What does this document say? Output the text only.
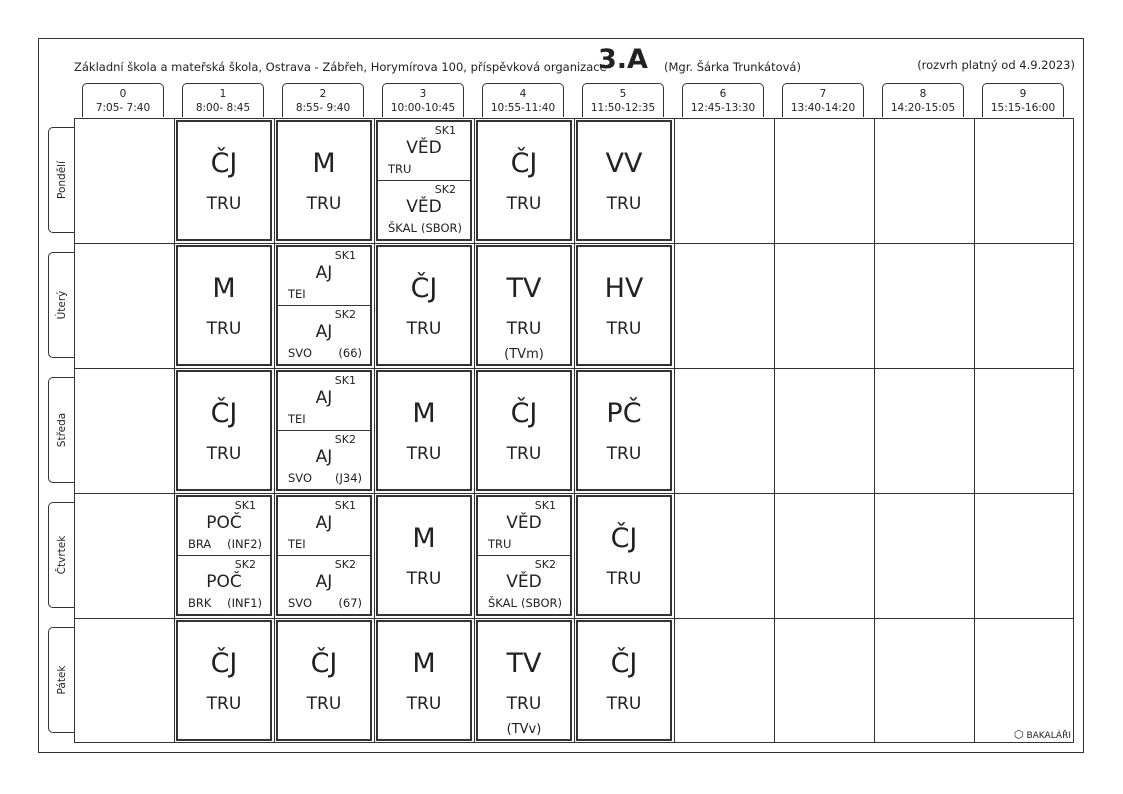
Základní škola a mateřská škola, Ostrava - Zábřeh, Horymírova 100, příspěvková organizace
3.A (Mgr. Šárka Trunkátová)	(rozvrh platný od 4.9.2023)
0
7:05- 7:40
1
8:00- 8:45
2
8:55- 9:40
3
10:00-10:45
4
10:55-11:40
5
11:50-12:35
6
12:45-13:30
7
13:40-14:20
8
14:20-15:05
9
15:15-16:00
Pondělí
Úterý
Středa
Čtvrtek
Pátek
ČJ
TRU
M
TRU
SK1
VĚD
TRU
SK2
VĚD
ŠKAL (SBOR)
ČJ
TRU
VV
TRU
M
TRU
SK1
AJ
TEI
SK2
AJ
SVO (66)
ČJ
TRU
TV
TRU
(TVm)
HV
TRU
ČJ
TRU
SK1
AJ
TEI
SK2
AJ
SVO (J34)
M
TRU
ČJ
TRU
PČ
TRU
SK1
POČ
BRA (INF2)
SK2
POČ
BRK (INF1)
SK1
AJ
TEI
SK2
AJ
SVO (67)
M
TRU
SK1
VĚD
TRU
SK2
VĚD
ŠKAL (SBOR)
ČJ
TRU
ČJ
TRU
ČJ
TRU
M
TRU
TV
TRU
(TVv)
ČJ
TRU
⬡ BAKALÁŘI
